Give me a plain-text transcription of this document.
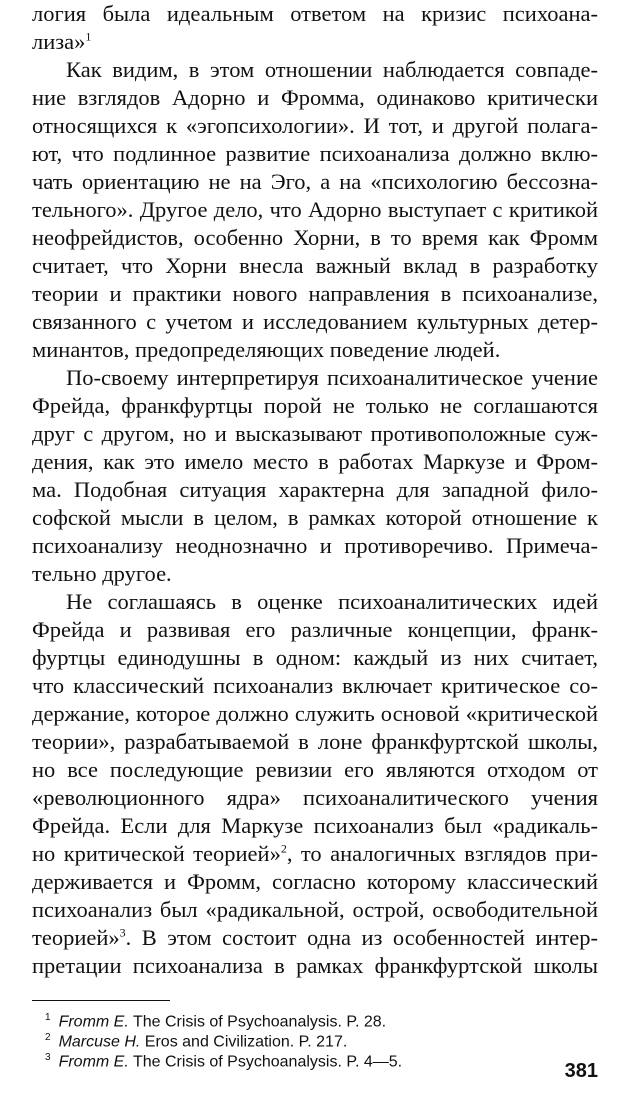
логия была идеальным ответом на кризис психоана-
лиза»$^1$
Как видим, в этом отношении наблюдается совпаде-
ние взглядов Адорно и Фромма, одинаково критически
относящихся к «эгопсихологии». И тот, и другой полага-
ют, что подлинное развитие психоанализа должно вклю-
чать ориентацию не на Эго, а на «психологию бессозна-
тельного». Другое дело, что Адорно выступает с критикой
неофрейдистов, особенно Хорни, в то время как Фромм
считает, что Хорни внесла важный вклад в разработку
теории и практики нового направления в психоанализе,
связанного с учетом и исследованием культурных детер-
минантов, предопределяющих поведение людей.
По-своему интерпретируя психоаналитическое учение
Фрейда, франкфуртцы порой не только не соглашаются
друг с другом, но и высказывают противоположные суж-
дения, как это имело место в работах Маркузе и Фром-
ма. Подобная ситуация характерна для западной фило-
софской мысли в целом, в рамках которой отношение к
психоанализу неоднозначно и противоречиво. Примеча-
тельно другое.
Не соглашаясь в оценке психоаналитических идей
Фрейда и развивая его различные концепции, франк-
фуртцы единодушны в одном: каждый из них считает,
что классический психоанализ включает критическое со-
держание, которое должно служить основой «критической
теории», разрабатываемой в лоне франкфуртской школы,
но все последующие ревизии его являются отходом от
«революционного ядра» психоаналитического учения
Фрейда. Если для Маркузе психоанализ был «радикаль-
но критической теорией»$^2$, то аналогичных взглядов при-
держивается и Фромм, согласно которому классический
психоанализ был «радикальной, острой, освободительной
теорией»$^3$. В этом состоит одна из особенностей интер-
претации психоанализа в рамках франкфуртской школы
$^1$ Fromm E. The Crisis of Psychoanalysis. P. 28.
$^2$ Marcuse H. Eros and Civilization. P. 217.
$^3$ Fromm E. The Crisis of Psychoanalysis. P. 4—5.	381
